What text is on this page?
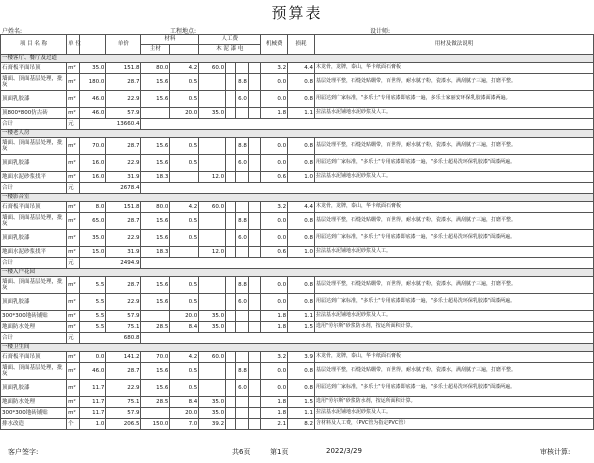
预算表
户姓名:	工程地点:	设计师:
项 目 名 称	单 位		单价	材料		人工费				机械费	损耗	用材及做法说明
				主材		木 泥 漆 电						
一楼客厅、餐厅及过道												
石膏板平面吊顶	m²	35.0	151.8	80.0	4.2	60.0				3.2	4.4	木龙骨，龙牌，泰山，华卡纸面石膏板
墙面、顶面基层处理，批灰	m²	180.0	28.7	15.6	0.5			8.8		0.0	0.8	基层处理平整，石缝处贴绷带，百世得，耐水腻子粉，瓷漆水，满刮腻子三遍，打磨平整。
顶面乳胶漆	m²	46.0	22.9	15.6	0.5			6.0		0.0	0.8	用届达到广家标准，"多乐士"专用底漆即底漆一遍，多乐士家丽安环保乳胶漆面漆两遍。
顶800*800仿古砖	m²	46.0	57.9		20.0	35.0				1.8	1.1	拉法基水泥铺地水泥砂浆及人工。
合计	元	13660.4										
一楼老人房												
墙面、顶面基层处理，批灰	m²	70.0	28.7	15.6	0.5			8.8		0.0	0.8	基层处理平整，石缝处贴绷带，百世得，耐水腻子粉，瓷漆水，满刮腻子三遍，打磨平整。
顶面乳胶漆	m²	16.0	22.9	15.6	0.5			6.0		0.0	0.8	用届达到广家标准，"多乐士"专用底漆即底漆一遍，"多乐士超易洗环保乳胶漆"面漆两遍。
地面水泥砂浆找平	m²	16.0	31.9	18.3		12.0				0.6	1.0	拉法基水泥铺地水泥砂浆及人工。
合计	元	2678.4										
一楼影音室												
石膏板平面吊顶	m²	8.0	151.8	80.0	4.2	60.0				3.2	4.4	木龙骨，龙牌，泰山，华卡纸面石膏板
墙面、顶面基层处理，批灰	m²	65.0	28.7	15.6	0.5			8.8		0.0	0.8	基层处理平整，石缝处贴绷带，百世得，耐水腻子粉，瓷漆水，满刮腻子三遍，打磨平整。
顶面乳胶漆	m²	35.0	22.9	15.6	0.5			6.0		0.0	0.8	用届达到广家标准，"多乐士"专用底漆即底漆一遍，"多乐士超易洗环保乳胶漆"面漆两遍。
地面水泥砂浆找平	m²	15.0	31.9	18.3		12.0				0.6	1.0	拉法基水泥铺地水泥砂浆及人工。
合计	元	2494.9										
一楼入户花园												
墙面、顶面基层处理，批灰	m²	5.5	28.7	15.6	0.5			8.8		0.0	0.8	基层处理平整，石缝处贴绷带，百世得，耐水腻子粉，瓷漆水，满刮腻子三遍，打磨平整。
顶面乳胶漆	m²	5.5	22.9	15.6	0.5			6.0		0.0	0.8	用届达到广家标准，"多乐士"专用底漆即底漆一遍，"多乐士超易洗环保乳胶漆"面漆两遍。
300*300地砖铺贴	m²	5.5	57.9		20.0	35.0				1.8	1.1	拉法基水泥铺地水泥砂浆及人工。
地面防水处理	m²	5.5	75.1	28.5	8.4	35.0				1.8	1.5	选用"劳尔斯"砂浆防水剂，按运所面积计算。
合计	元	680.8										
一楼卫生间												
石膏板平面吊顶	m²	0.0	141.2	70.0	4.2	60.0				3.2	3.9	木龙骨，龙牌，泰山，华卡纸面石膏板
墙面、顶面基层处理，批灰	m²	46.0	28.7	15.6	0.5			8.8		0.0	0.8	基层处理平整，石缝处贴绷带，百世得，耐水腻子粉，瓷漆水，满刮腻子三遍，打磨平整。
顶面乳胶漆	m²	11.7	22.9	15.6	0.5			6.0		0.0	0.8	用届达到广家标准，"多乐士"专用底漆即底漆一遍，"多乐士超易洗环保乳胶漆"面漆两遍。
地面防水处理	m²	11.7	75.1	28.5	8.4	35.0				1.8	1.5	选用"劳尔斯"砂浆防水剂，按运所面积计算。
300*300地砖铺贴	m²	11.7	57.9		20.0	35.0				1.8	1.1	拉法基水泥铺地水泥砂浆及人工。
排水改造	个	1.0	206.5	150.0	7.0	39.2				2.1	8.2	含材料及人工费，（PVC管为指定PVC管）
客户签字:	共6页	第1页	2022/3/29	审核计算:
